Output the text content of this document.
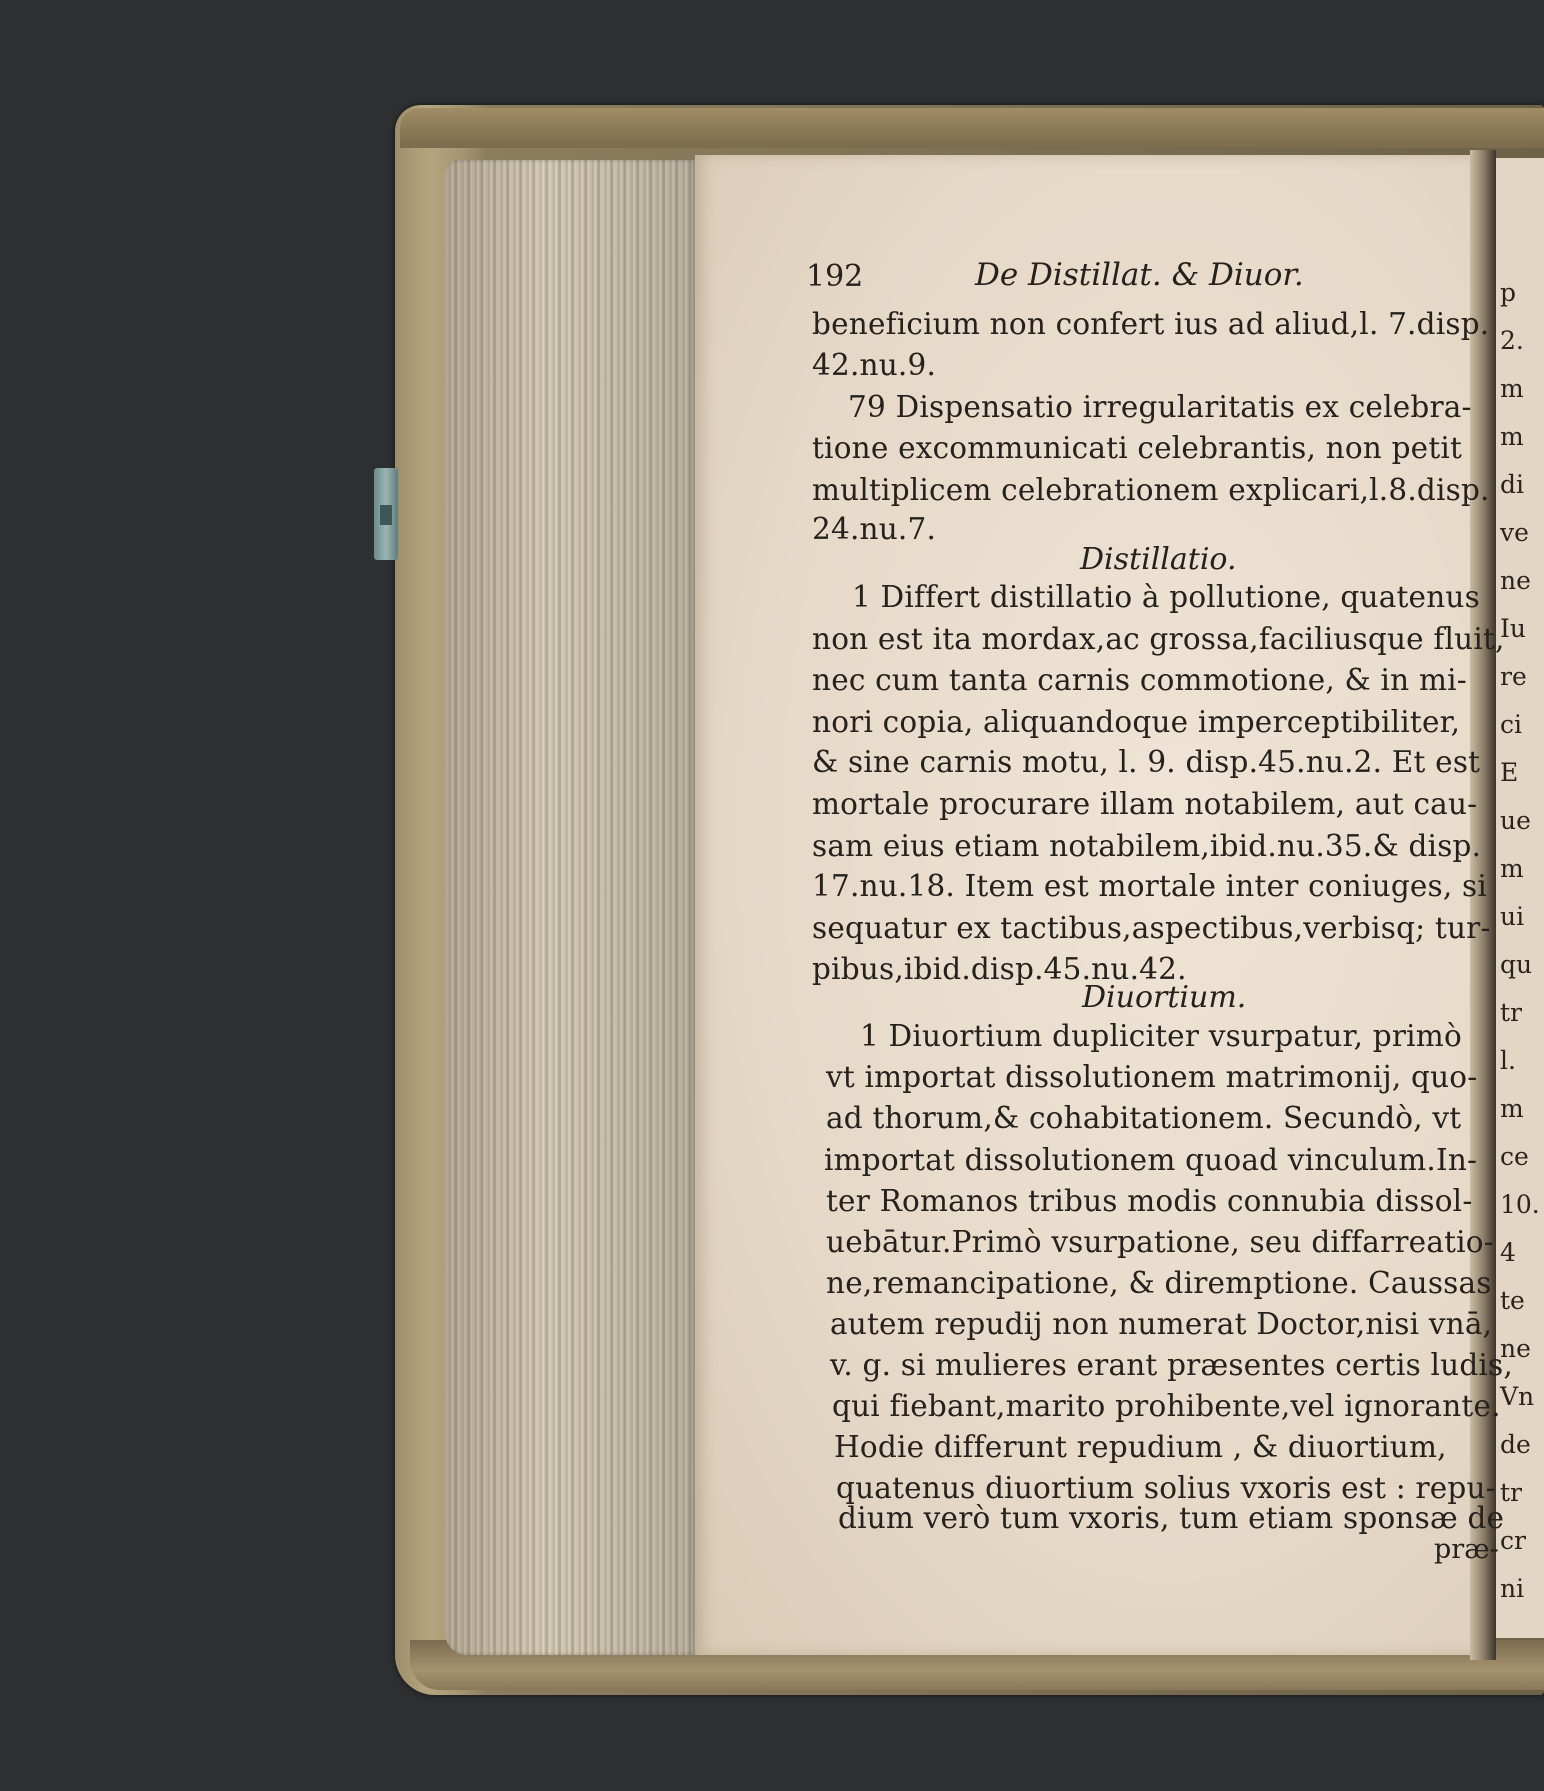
p
2.
m
m
di
ve
ne
Iu
re
ci
E
ue
m
ui
qu
tr
l.
m
ce
10.
4
te
ne
Vn
de
tr
cr
ni
192	De Distillat. & Diuor.
beneficium non confert ius ad aliud,l. 7.disp.
42.nu.9.
79 Dispensatio irregularitatis ex celebra-
tione excommunicati celebrantis, non petit
multiplicem celebrationem explicari,l.8.disp.
24.nu.7.
Distillatio.
1 Differt distillatio à pollutione, quatenus
non est ita mordax,ac grossa,faciliusque fluit,
nec cum tanta carnis commotione, & in mi-
nori copia, aliquandoque imperceptibiliter,
& sine carnis motu, l. 9. disp.45.nu.2. Et est
mortale procurare illam notabilem, aut cau-
sam eius etiam notabilem,ibid.nu.35.& disp.
17.nu.18. Item est mortale inter coniuges, si
sequatur ex tactibus,aspectibus,verbisq; tur-
pibus,ibid.disp.45.nu.42.
Diuortium.
1 Diuortium dupliciter vsurpatur, primò
vt importat dissolutionem matrimonij, quo-
ad thorum,& cohabitationem. Secundò, vt
importat dissolutionem quoad vinculum.In-
ter Romanos tribus modis connubia dissol-
uebātur.Primò vsurpatione, seu diffarreatio-
ne,remancipatione, & diremptione. Caussas
autem repudij non numerat Doctor,nisi vnā,
v. g. si mulieres erant præsentes certis ludis,
qui fiebant,marito prohibente,vel ignorante.
Hodie differunt repudium , & diuortium,
quatenus diuortium solius vxoris est : repu-
dium verò tum vxoris, tum etiam sponsæ de
præ-
